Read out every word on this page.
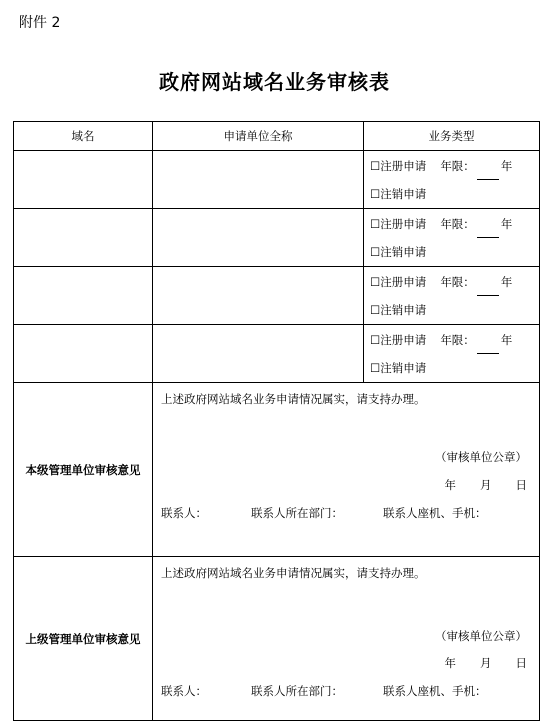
附件 2
政府网站域名业务审核表
域名	申请单位全称	业务类型

		☐注册申请 年限： 年
☐注销申请

		☐注册申请 年限： 年
☐注销申请

		☐注册申请 年限： 年
☐注销申请

		☐注册申请 年限： 年
☐注销申请

本级管理单位审核意见	上述政府网站域名业务申请情况属实，请支持办理。
（审核单位公章）
年 月 日
联系人： 联系人所在部门： 联系人座机、手机：	

上级管理单位审核意见	上述政府网站域名业务申请情况属实，请支持办理。
（审核单位公章）
年 月 日
联系人： 联系人所在部门： 联系人座机、手机：	
